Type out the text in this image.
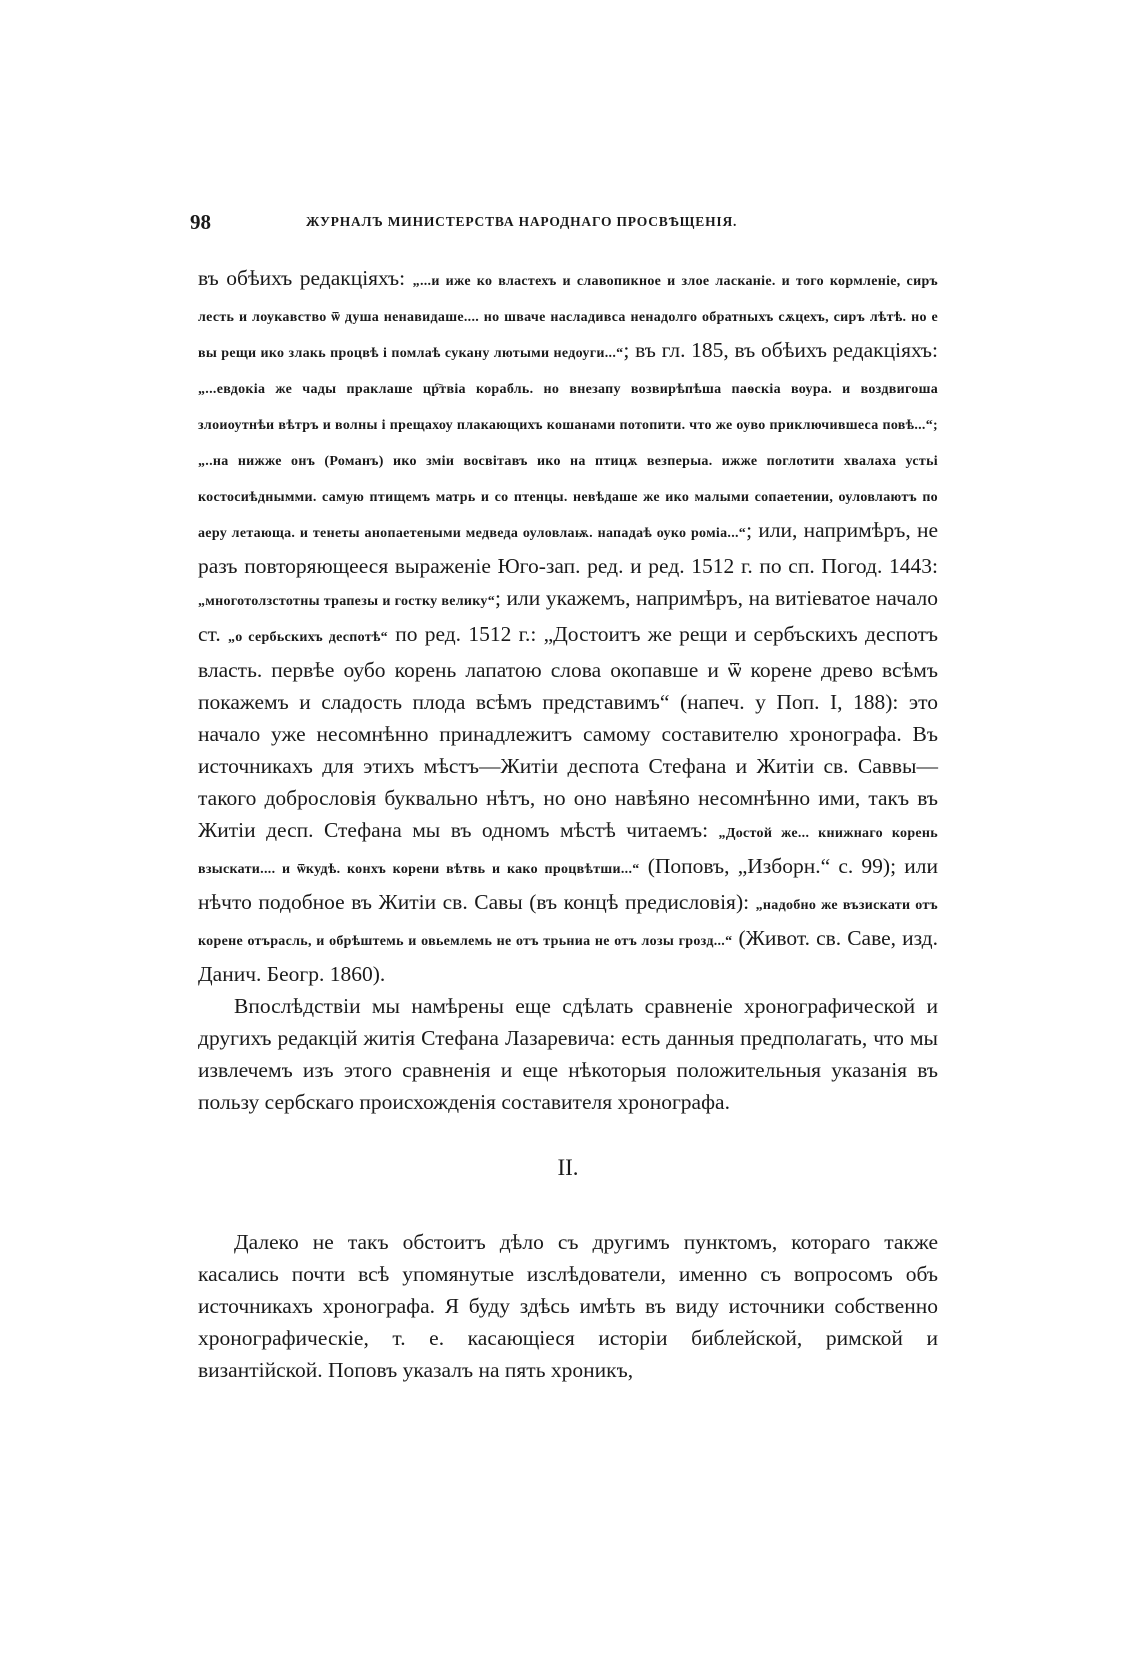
98	ЖУРНАЛЪ МИНИСТЕРСТВА НАРОДНАГО ПРОСВѢЩЕНІЯ.

въ обѣихъ редакціяхъ: „...и иже ко властехъ и славопикное и злое ласканіе. и того кормленіе, сиръ лесть и лоукавство ѿ душа ненавидаше.... но шваче насладивса ненадолго обратныхъ сѫцехъ, сиръ лѣтѣ. но е вы рещи ико злакь процвѣ і помлаѣ сукану лютыми недоуги...“; въ гл. 185, въ обѣихъ редакціяхъ: „...евдокіа же чады праклаше цр҇твіа корабль. но внезапу возвирѣпѣша паѳскіа воура. и воздвигоша злоиоутнѣи вѣтръ и волны і прещахоу плакающихъ кошанами потопити. что же оуво приключившеса повѣ...“; „..на нижже онъ (Романъ) ико зміи восвітавъ ико на птицѫ везперыа. ижже поглотити хвалаха устьі костосиѣднымми. самую птищемъ матрь и со птенцы. невѣдаше же ико малыми сопаетении, оуловлаютъ по аеру летающа. и тенеты анопаетеными медведа оуловлаѭ. нападаѣ оуко роміа...“; или, напримѣръ, не разъ повторяющееся выраженіе Юго-зап. ред. и ред. 1512 г. по сп. Погод. 1443: „многотолзстотны трапезы и гостку велику“; или укажемъ, напримѣръ, на витіеватое начало ст. „о сербьскихъ деспотѣ“ по ред. 1512 г.: „Достоитъ же рещи и сербъскихъ деспотъ власть. первѣе оубо корень лапатою слова окопавше и ѿ корене древо всѣмъ покажемъ и сладость плода всѣмъ представимъ“ (напеч. у Поп. І, 188): это начало уже несомнѣнно принадлежитъ самому составителю хронографа. Въ источникахъ для этихъ мѣстъ—Житіи деспота Стефана и Житіи св. Саввы—такого добрословія буквально нѣтъ, но оно навѣяно несомнѣнно ими, такъ въ Житіи десп. Стефана мы въ одномъ мѣстѣ читаемъ: „Достой же... книжнаго корень взыскати.... и ѿкудѣ. конхъ корени вѣтвь и како процвѣтши...“ (Поповъ, „Изборн.“ с. 99); или нѣчто подобное въ Житіи св. Савы (въ концѣ предисловія): „надобно же възискати отъ корене отърасль, и обрѣштемь и овьемлемь не отъ трьниа не отъ лозы грозд...“ (Живот. св. Саве, изд. Данич. Беогр. 1860).

Впослѣдствіи мы намѣрены еще сдѣлать сравненіе хронографической и другихъ редакцій житія Стефана Лазаревича: есть данныя предполагать, что мы извлечемъ изъ этого сравненія и еще нѣкоторыя положительныя указанія въ пользу сербскаго происхожденія составителя хронографа.

II.

Далеко не такъ обстоитъ дѣло съ другимъ пунктомъ, котораго также касались почти всѣ упомянутые изслѣдователи, именно съ вопросомъ объ источникахъ хронографа. Я буду здѣсь имѣть въ виду источники собственно хронографическіе, т. е. касающіеся исторіи библейской, римской и византійской. Поповъ указалъ на пять хроникъ,
